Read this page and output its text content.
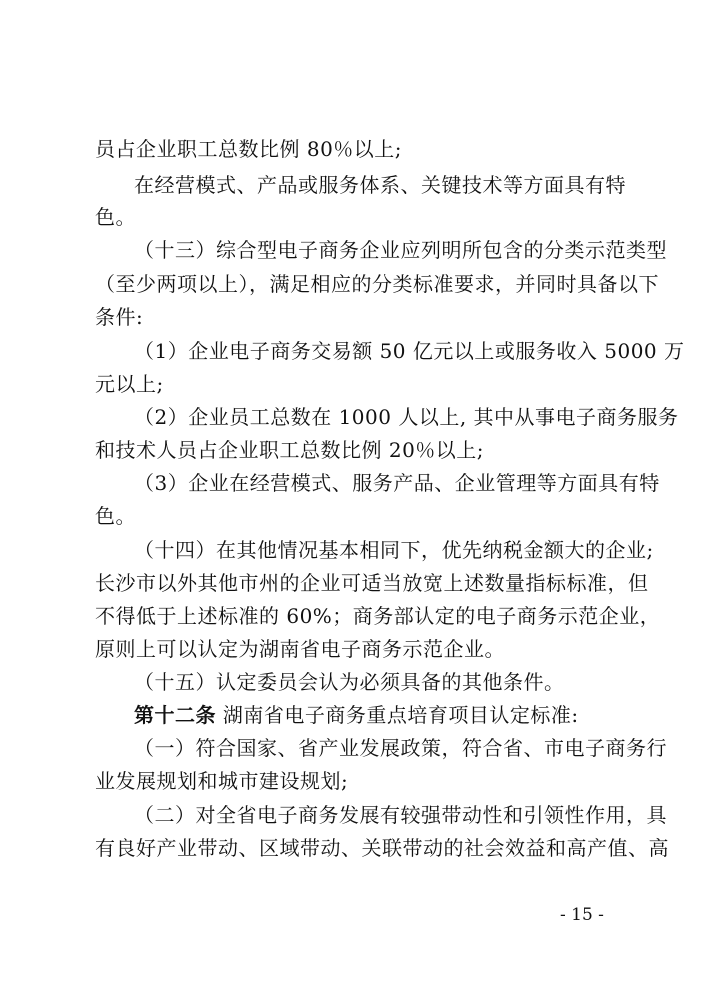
员占企业职工总数比例 80％以上;
在经营模式、产品或服务体系、关键技术等方面具有特
色。
（十三）综合型电子商务企业应列明所包含的分类示范类型
（至少两项以上），满足相应的分类标准要求，并同时具备以下
条件:
（1）企业电子商务交易额 50 亿元以上或服务收入 5000 万
元以上;
（2）企业员工总数在 1000 人以上, 其中从事电子商务服务
和技术人员占企业职工总数比例 20％以上;
（3）企业在经营模式、服务产品、企业管理等方面具有特
色。
（十四）在其他情况基本相同下，优先纳税金额大的企业;
长沙市以外其他市州的企业可适当放宽上述数量指标标准，但
不得低于上述标准的 60%；商务部认定的电子商务示范企业，
原则上可以认定为湖南省电子商务示范企业。
（十五）认定委员会认为必须具备的其他条件。
第十二条 湖南省电子商务重点培育项目认定标准:
（一）符合国家、省产业发展政策，符合省、市电子商务行
业发展规划和城市建设规划;
（二）对全省电子商务发展有较强带动性和引领性作用，具
有良好产业带动、区域带动、关联带动的社会效益和高产值、高
- 15 -
